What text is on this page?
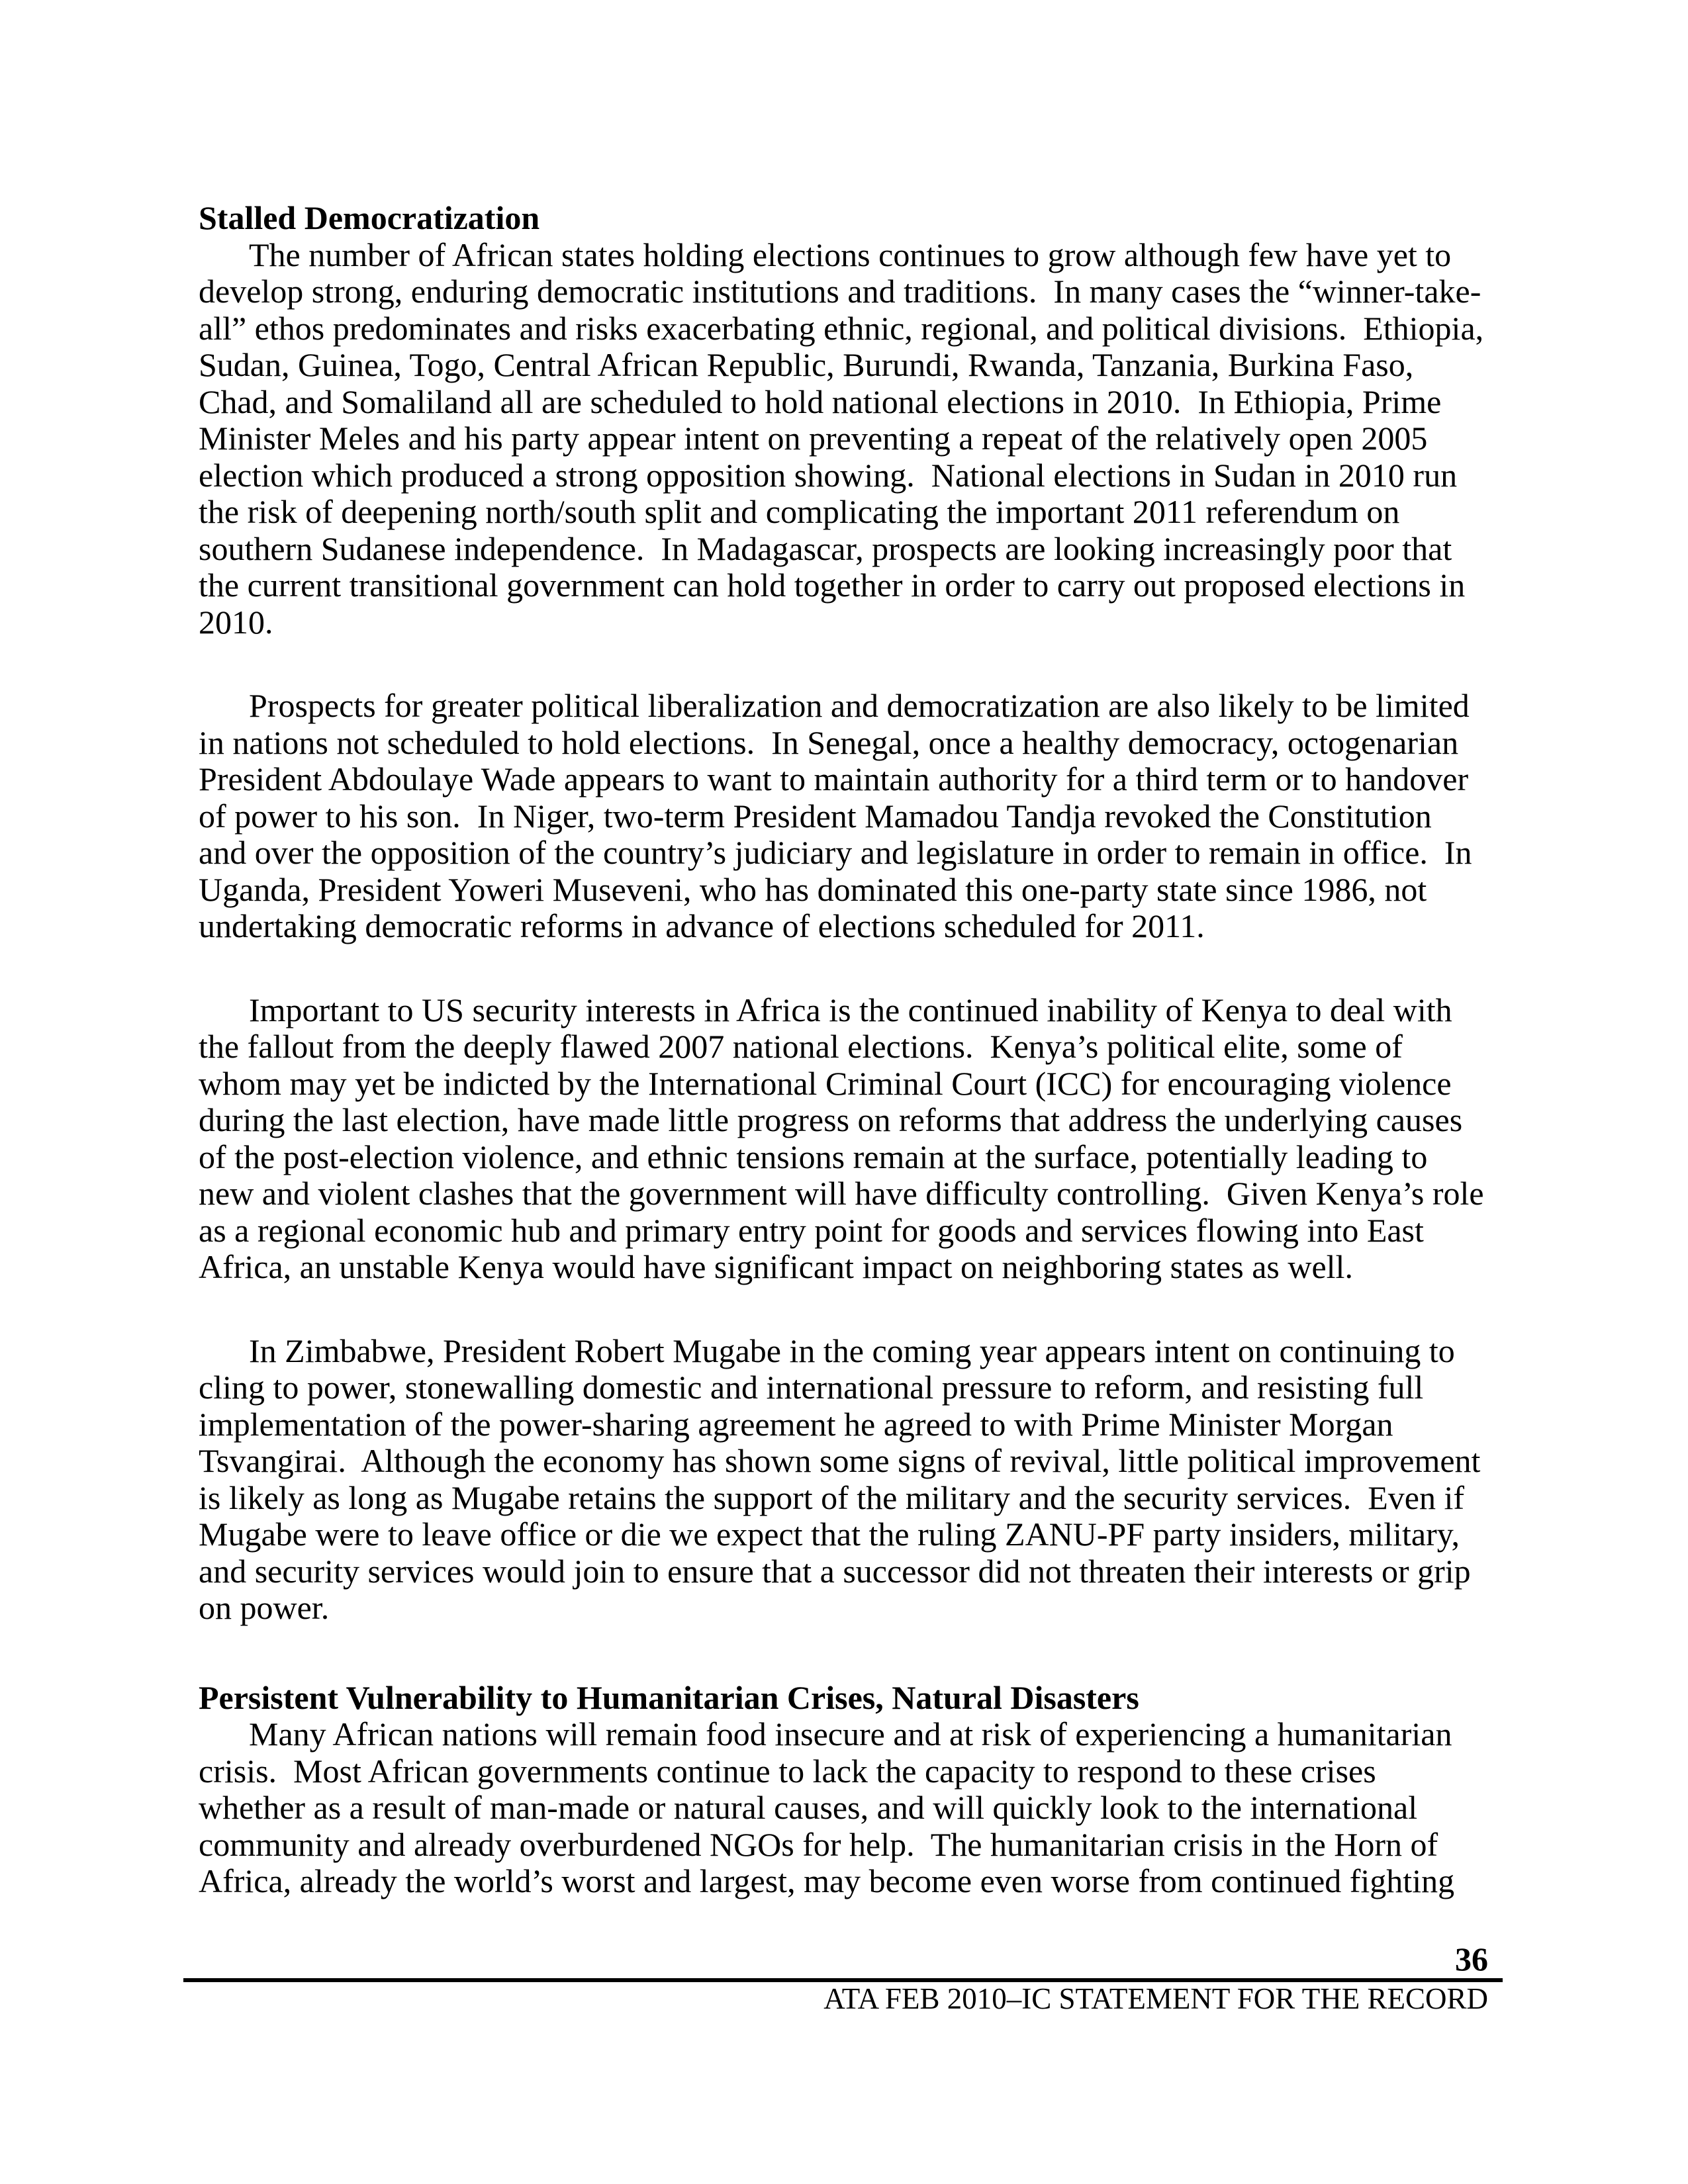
Stalled Democratization

The number of African states holding elections continues to grow although few have yet to
develop strong, enduring democratic institutions and traditions.  In many cases the “winner-take-
all” ethos predominates and risks exacerbating ethnic, regional, and political divisions.  Ethiopia,
Sudan, Guinea, Togo, Central African Republic, Burundi, Rwanda, Tanzania, Burkina Faso,
Chad, and Somaliland all are scheduled to hold national elections in 2010.  In Ethiopia, Prime
Minister Meles and his party appear intent on preventing a repeat of the relatively open 2005
election which produced a strong opposition showing.  National elections in Sudan in 2010 run
the risk of deepening north/south split and complicating the important 2011 referendum on
southern Sudanese independence.  In Madagascar, prospects are looking increasingly poor that
the current transitional government can hold together in order to carry out proposed elections in
2010.

Prospects for greater political liberalization and democratization are also likely to be limited
in nations not scheduled to hold elections.  In Senegal, once a healthy democracy, octogenarian
President Abdoulaye Wade appears to want to maintain authority for a third term or to handover
of power to his son.  In Niger, two-term President Mamadou Tandja revoked the Constitution
and over the opposition of the country’s judiciary and legislature in order to remain in office.  In
Uganda, President Yoweri Museveni, who has dominated this one-party state since 1986, not
undertaking democratic reforms in advance of elections scheduled for 2011.

Important to US security interests in Africa is the continued inability of Kenya to deal with
the fallout from the deeply flawed 2007 national elections.  Kenya’s political elite, some of
whom may yet be indicted by the International Criminal Court (ICC) for encouraging violence
during the last election, have made little progress on reforms that address the underlying causes
of the post-election violence, and ethnic tensions remain at the surface, potentially leading to
new and violent clashes that the government will have difficulty controlling.  Given Kenya’s role
as a regional economic hub and primary entry point for goods and services flowing into East
Africa, an unstable Kenya would have significant impact on neighboring states as well.

In Zimbabwe, President Robert Mugabe in the coming year appears intent on continuing to
cling to power, stonewalling domestic and international pressure to reform, and resisting full
implementation of the power-sharing agreement he agreed to with Prime Minister Morgan
Tsvangirai.  Although the economy has shown some signs of revival, little political improvement
is likely as long as Mugabe retains the support of the military and the security services.  Even if
Mugabe were to leave office or die we expect that the ruling ZANU-PF party insiders, military,
and security services would join to ensure that a successor did not threaten their interests or grip
on power.

Persistent Vulnerability to Humanitarian Crises, Natural Disasters

Many African nations will remain food insecure and at risk of experiencing a humanitarian
crisis.  Most African governments continue to lack the capacity to respond to these crises
whether as a result of man-made or natural causes, and will quickly look to the international
community and already overburdened NGOs for help.  The humanitarian crisis in the Horn of
Africa, already the world’s worst and largest, may become even worse from continued fighting

36
ATA FEB 2010–IC STATEMENT FOR THE RECORD
